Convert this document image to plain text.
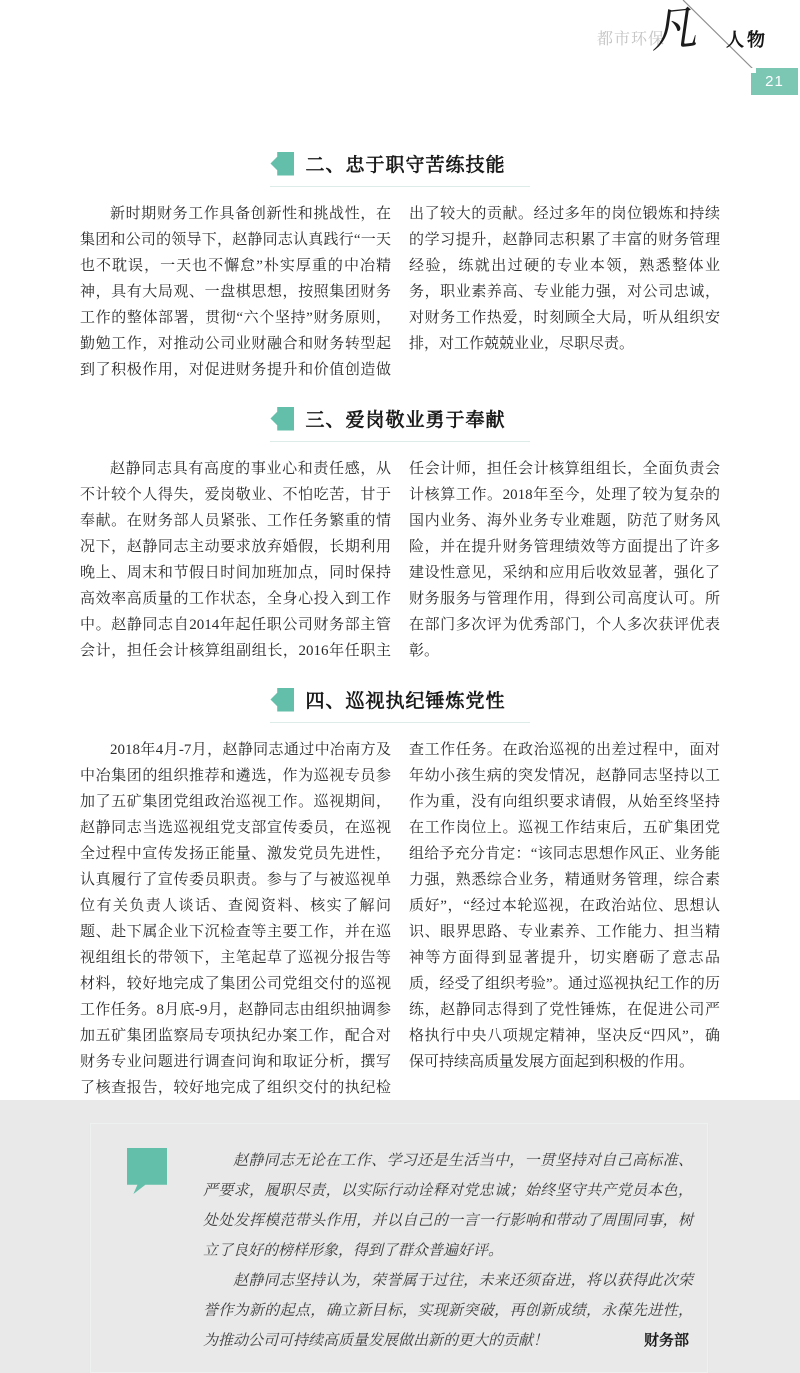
都市环保
凡 人物
21
二、忠于职守苦练技能

新时期财务工作具备创新性和挑战性，在集团和公司的领导下，赵静同志认真践行“一天也不耽误，一天也不懈怠”朴实厚重的中冶精神，具有大局观、一盘棋思想，按照集团财务工作的整体部署，贯彻“六个坚持”财务原则，勤勉工作，对推动公司业财融合和财务转型起到了积极作用，对促进财务提升和价值创造做出了较大的贡献。经过多年的岗位锻炼和持续的学习提升，赵静同志积累了丰富的财务管理经验，练就出过硬的专业本领，熟悉整体业务，职业素养高、专业能力强，对公司忠诚，对财务工作热爱，时刻顾全大局，听从组织安排，对工作兢兢业业，尽职尽责。

三、爱岗敬业勇于奉献

赵静同志具有高度的事业心和责任感，从不计较个人得失，爱岗敬业、不怕吃苦，甘于奉献。在财务部人员紧张、工作任务繁重的情况下，赵静同志主动要求放弃婚假，长期利用晚上、周末和节假日时间加班加点，同时保持高效率高质量的工作状态，全身心投入到工作中。赵静同志自2014年起任职公司财务部主管会计，担任会计核算组副组长，2016年任职主任会计师，担任会计核算组组长，全面负责会计核算工作。2018年至今，处理了较为复杂的国内业务、海外业务专业难题，防范了财务风险，并在提升财务管理绩效等方面提出了许多建设性意见，采纳和应用后收效显著，强化了财务服务与管理作用，得到公司高度认可。所在部门多次评为优秀部门，个人多次获评优表彰。

四、巡视执纪锤炼党性

2018年4月-7月，赵静同志通过中冶南方及中冶集团的组织推荐和遴选，作为巡视专员参加了五矿集团党组政治巡视工作。巡视期间，赵静同志当选巡视组党支部宣传委员，在巡视全过程中宣传发扬正能量、激发党员先进性，认真履行了宣传委员职责。参与了与被巡视单位有关负责人谈话、查阅资料、核实了解问题、赴下属企业下沉检查等主要工作，并在巡视组组长的带领下，主笔起草了巡视分报告等材料，较好地完成了集团公司党组交付的巡视工作任务。8月底-9月，赵静同志由组织抽调参加五矿集团监察局专项执纪办案工作，配合对财务专业问题进行调查问询和取证分析，撰写了核查报告，较好地完成了组织交付的执纪检查工作任务。在政治巡视的出差过程中，面对年幼小孩生病的突发情况，赵静同志坚持以工作为重，没有向组织要求请假，从始至终坚持在工作岗位上。巡视工作结束后，五矿集团党组给予充分肯定：“该同志思想作风正、业务能力强，熟悉综合业务，精通财务管理，综合素质好”，“经过本轮巡视，在政治站位、思想认识、眼界思路、专业素养、工作能力、担当精神等方面得到显著提升，切实磨砺了意志品质，经受了组织考验”。通过巡视执纪工作的历练，赵静同志得到了党性锤炼，在促进公司严格执行中央八项规定精神，坚决反“四风”，确保可持续高质量发展方面起到积极的作用。

赵静同志无论在工作、学习还是生活当中，一贯坚持对自己高标准、严要求，履职尽责，以实际行动诠释对党忠诚；始终坚守共产党员本色，处处发挥模范带头作用，并以自己的一言一行影响和带动了周围同事，树立了良好的榜样形象，得到了群众普遍好评。

赵静同志坚持认为，荣誉属于过往，未来还须奋进，将以获得此次荣誉作为新的起点，确立新目标，实现新突破，再创新成绩，永葆先进性，为推动公司可持续高质量发展做出新的更大的贡献！	财务部
